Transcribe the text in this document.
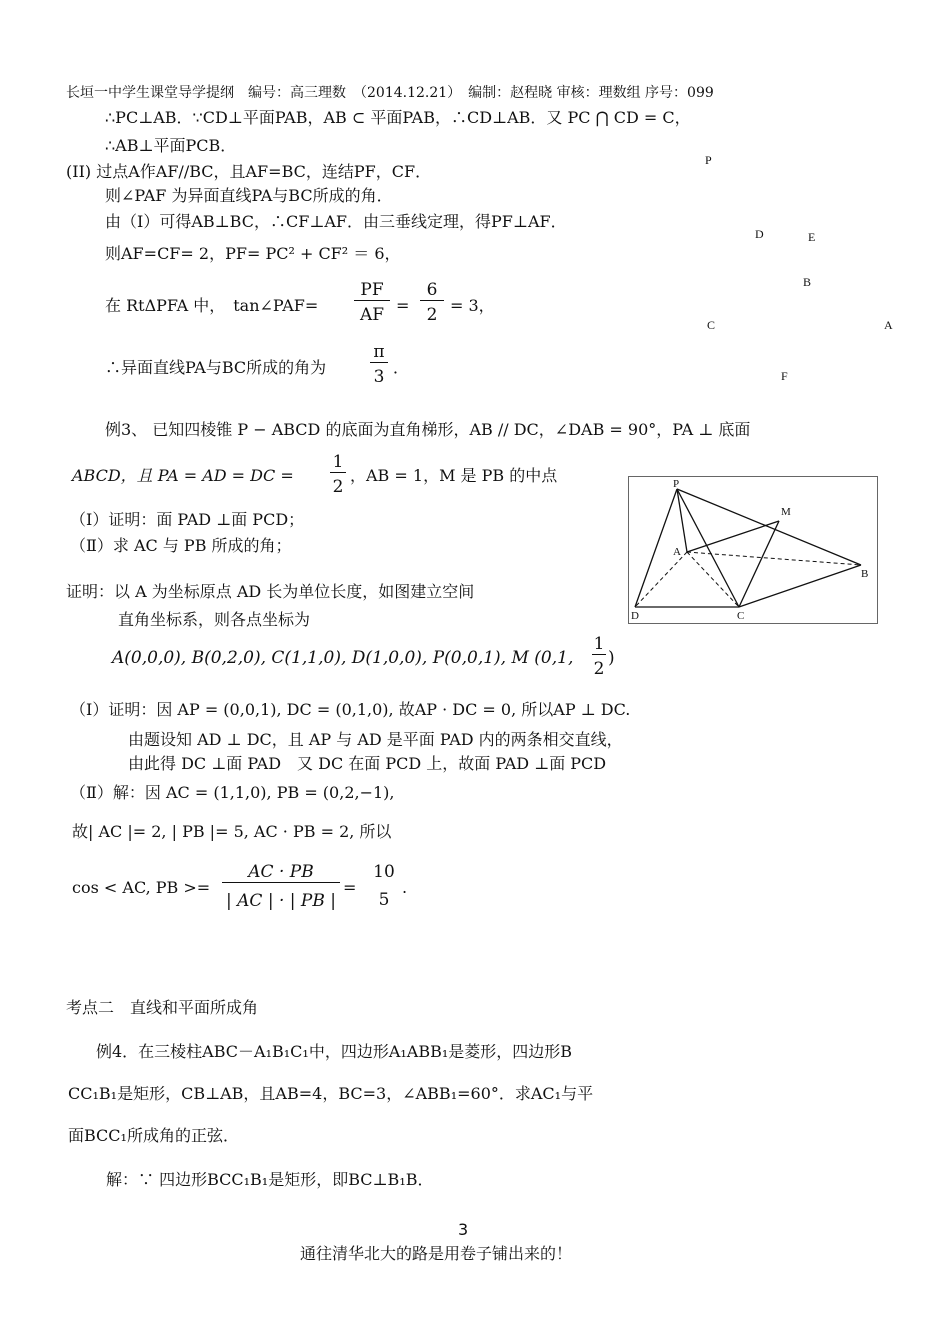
长垣一中学生课堂导学提纲　编号：高三理数　（2014.12.21）　编制：赵程晓 审核：理数组 序号：099
∴PC⊥AB．∵CD⊥平面PAB，AB ⊂ 平面PAB，∴CD⊥AB．又 PC ⋂ CD = C，
∴AB⊥平面PCB．
(II) 过点A作AF//BC，且AF=BC，连结PF，CF．
则∠PAF 为异面直线PA与BC所成的角．
由（Ⅰ）可得AB⊥BC，∴CF⊥AF．由三垂线定理，得PF⊥AF．
则AF=CF= 2，PF= PC² + CF² ＝ 6，
在 RtΔPFA 中，　tan∠PAF= $\frac{PF}{AF} = \frac{6}{2} = 3$，
∴异面直线PA与BC所成的角为	$\frac{\pi}{3}$ ．
P
D	E
B
C	A
F
例3、 已知四棱锥 P − ABCD 的底面为直角梯形，AB // DC，∠DAB = 90°，PA ⊥ 底面
ABCD，且 PA = AD = DC = $\frac{1}{2}$ ，AB = 1，M 是 PB 的中点
（Ⅰ）证明：面 PAD ⊥面 PCD；
（Ⅱ）求 AC 与 PB 所成的角；
证明：以 A 为坐标原点 AD 长为单位长度，如图建立空间
直角坐标系，则各点坐标为
A(0,0,0), B(0,2,0), C(1,1,0), D(1,0,0), P(0,0,1), M (0,1, $\frac{1}{2}$ )
（Ⅰ）证明：因 AP = (0,0,1), DC = (0,1,0), 故AP · DC = 0, 所以AP ⊥ DC.
由题设知 AD ⊥ DC，且 AP 与 AD 是平面 PAD 内的两条相交直线，
由此得 DC ⊥面 PAD　又 DC 在面 PCD 上，故面 PAD ⊥面 PCD
（Ⅱ）解：因 AC = (1,1,0), PB = (0,2,−1),
故| AC |= 2, | PB |= 5, AC · PB = 2, 所以
cos < AC, PB >= $\frac{AC \cdot PB}{| AC | \cdot | PB |}$ =
10
5
.
P
M
A
B
D	C
考点二　直线和平面所成角
例4．在三棱柱ABC－A₁B₁C₁中，四边形A₁ABB₁是菱形，四边形B
CC₁B₁是矩形，CB⊥AB，且AB=4，BC=3，∠ABB₁=60°．求AC₁与平
面BCC₁所成角的正弦．
解：∵ 四边形BCC₁B₁是矩形，即BC⊥B₁B．
3
通往清华北大的路是用卷子铺出来的！
